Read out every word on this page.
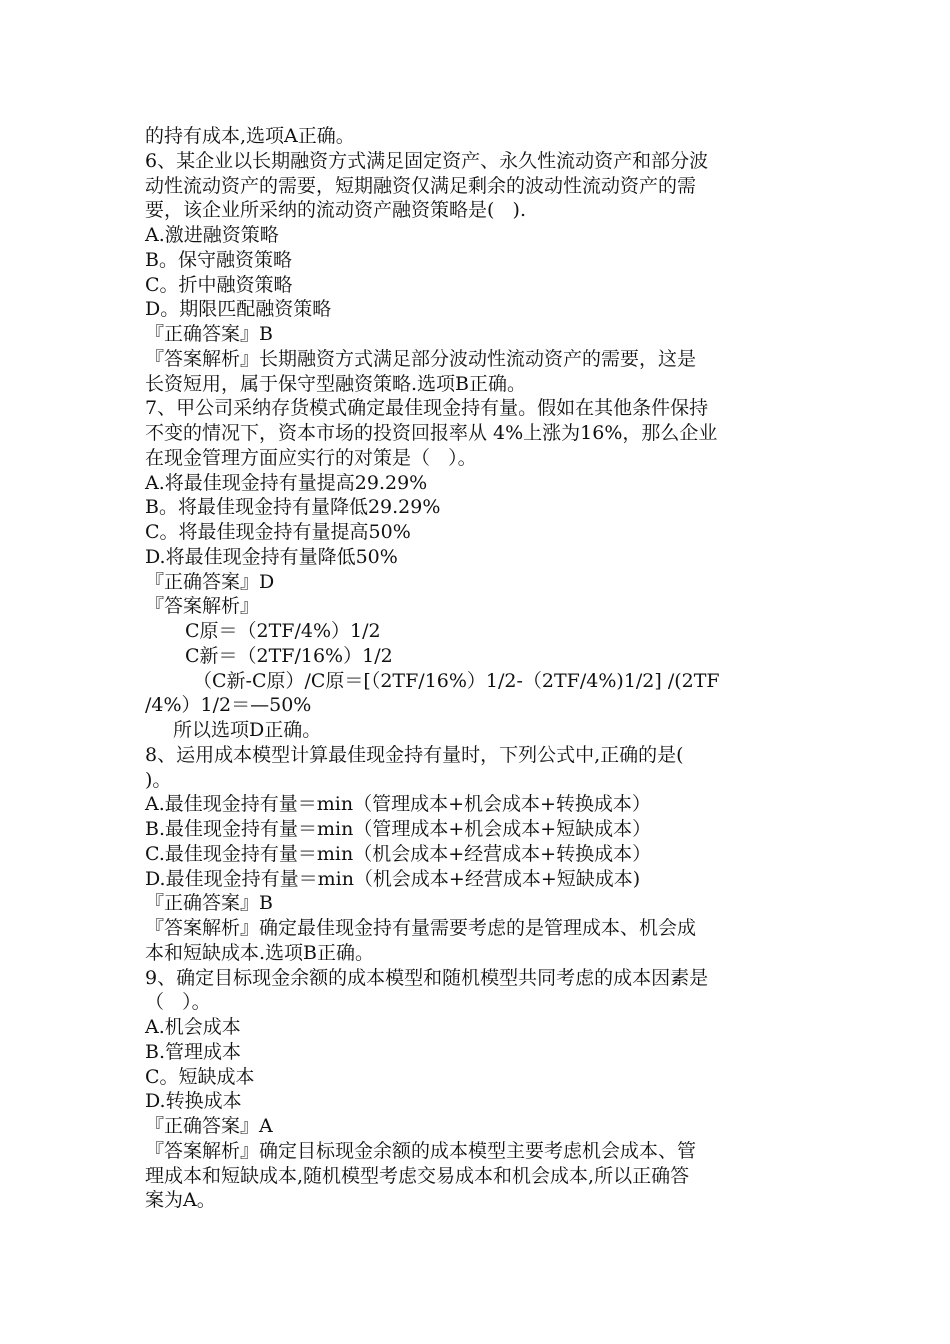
的持有成本,选项A正确。
6、某企业以长期融资方式满足固定资产、永久性流动资产和部分波
动性流动资产的需要，短期融资仅满足剩余的波动性流动资产的需
要，该企业所采纳的流动资产融资策略是(   ).
A.激进融资策略
B。保守融资策略
C。折中融资策略
D。期限匹配融资策略
『正确答案』B
『答案解析』长期融资方式满足部分波动性流动资产的需要，这是
长资短用，属于保守型融资策略.选项B正确。
7、甲公司采纳存货模式确定最佳现金持有量。假如在其他条件保持
不变的情况下，资本市场的投资回报率从 4%上涨为16%，那么企业
在现金管理方面应实行的对策是（   ）。
A.将最佳现金持有量提高29.29%
B。将最佳现金持有量降低29.29%
C。将最佳现金持有量提高50%
D.将最佳现金持有量降低50%
『正确答案』D
『答案解析』
C原＝（2TF/4%）1/2
C新＝（2TF/16%）1/2
（C新-C原）/C原＝[（2TF/16%）1/2-（2TF/4%)1/2] /(2TF
/4%）1/2＝—50%
所以选项D正确。
8、运用成本模型计算最佳现金持有量时，下列公式中,正确的是(
)。
A.最佳现金持有量＝min（管理成本+机会成本+转换成本）
B.最佳现金持有量＝min（管理成本+机会成本+短缺成本）
C.最佳现金持有量＝min（机会成本+经营成本+转换成本）
D.最佳现金持有量＝min（机会成本+经营成本+短缺成本)
『正确答案』B
『答案解析』确定最佳现金持有量需要考虑的是管理成本、机会成
本和短缺成本.选项B正确。
9、确定目标现金余额的成本模型和随机模型共同考虑的成本因素是
（   ）。
A.机会成本
B.管理成本
C。短缺成本
D.转换成本
『正确答案』A
『答案解析』确定目标现金余额的成本模型主要考虑机会成本、管
理成本和短缺成本,随机模型考虑交易成本和机会成本,所以正确答
案为A。
